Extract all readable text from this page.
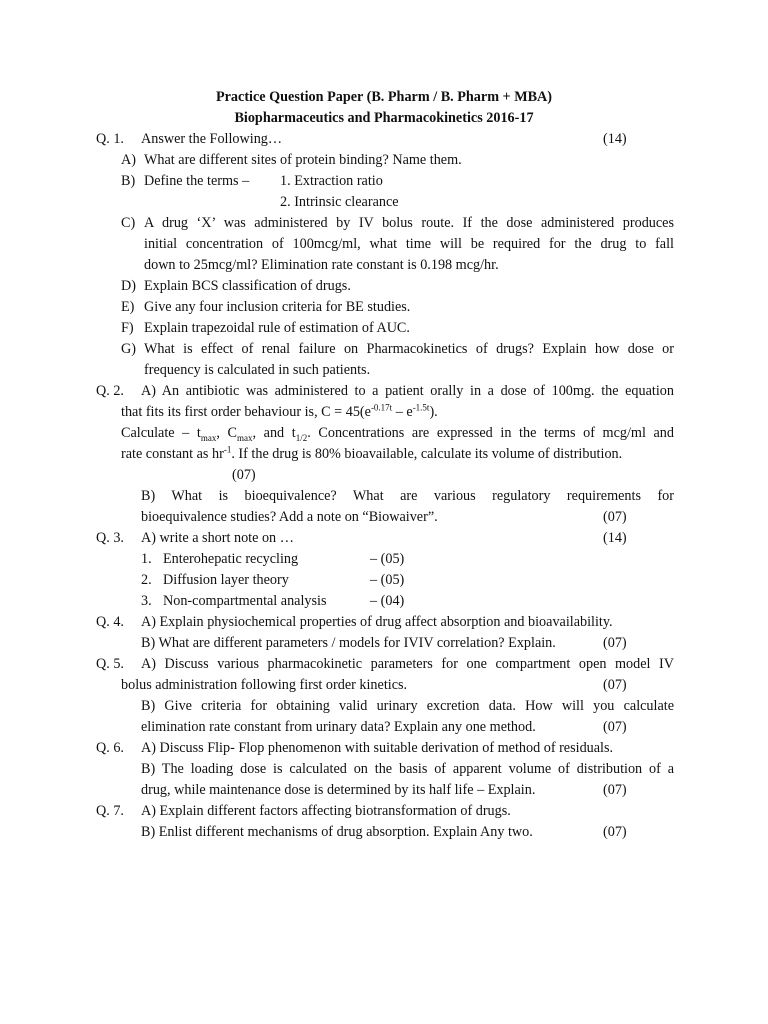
Practice Question Paper (B. Pharm / B. Pharm + MBA)
Biopharmaceutics and Pharmacokinetics 2016-17
Q. 1. Answer the Following…	(14)
A) What are different sites of protein binding? Name them.
B) Define the terms – 1. Extraction ratio
2. Intrinsic clearance
C) A drug ‘X’ was administered by IV bolus route. If the dose administered produces
initial concentration of 100mcg/ml, what time will be required for the drug to fall
down to 25mcg/ml? Elimination rate constant is 0.198 mcg/hr.
D) Explain BCS classification of drugs.
E) Give any four inclusion criteria for BE studies.
F) Explain trapezoidal rule of estimation of AUC.
G) What is effect of renal failure on Pharmacokinetics of drugs? Explain how dose or
frequency is calculated in such patients.
Q. 2. A) An antibiotic was administered to a patient orally in a dose of 100mg. the equation
that fits its first order behaviour is, $C = 45(e^{-0.17t} - e^{-1.5t})$.
Calculate – $t_{max}$, $C_{max}$, and $t_{1/2}$. Concentrations are expressed in the terms of mcg/ml and
rate constant as $hr^{-1}$. If the drug is 80% bioavailable, calculate its volume of distribution.
(07)
B) What is bioequivalence? What are various regulatory requirements for
bioequivalence studies? Add a note on “Biowaiver”.	(07)
Q. 3. A) write a short note on …	(14)
1. Enterohepatic recycling	– (05)
2. Diffusion layer theory	– (05)
3. Non-compartmental analysis	– (04)
Q. 4. A) Explain physiochemical properties of drug affect absorption and bioavailability.
B) What are different parameters / models for IVIV correlation? Explain.	(07)
Q. 5. A) Discuss various pharmacokinetic parameters for one compartment open model IV
bolus administration following first order kinetics.	(07)
B) Give criteria for obtaining valid urinary excretion data. How will you calculate
elimination rate constant from urinary data? Explain any one method.	(07)
Q. 6. A) Discuss Flip- Flop phenomenon with suitable derivation of method of residuals.
B) The loading dose is calculated on the basis of apparent volume of distribution of a
drug, while maintenance dose is determined by its half life – Explain.	(07)
Q. 7. A) Explain different factors affecting biotransformation of drugs.
B) Enlist different mechanisms of drug absorption. Explain Any two.	(07)
